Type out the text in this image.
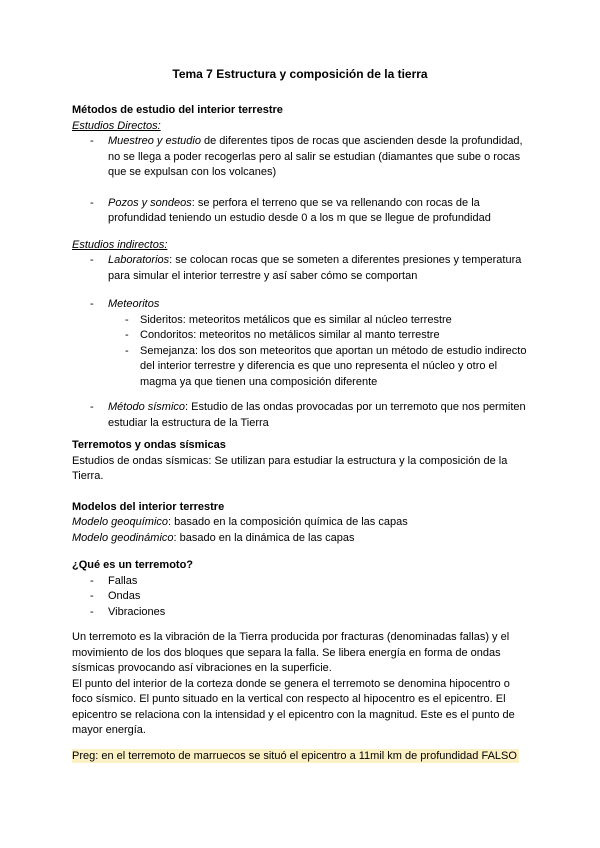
Tema 7 Estructura y composición de la tierra
Métodos de estudio del interior terrestre
Estudios Directos:
-	Muestreo y estudio de diferentes tipos de rocas que ascienden desde la profundidad, no se llega a poder recogerlas pero al salir se estudian (diamantes que sube o rocas que se expulsan con los volcanes)
-	Pozos y sondeos: se perfora el terreno que se va rellenando con rocas de la profundidad teniendo un estudio desde 0 a los m que se llegue de profundidad
Estudios indirectos:
-	Laboratorios: se colocan rocas que se someten a diferentes presiones y temperatura para simular el interior terrestre y así saber cómo se comportan
-	Meteoritos
-	Sideritos: meteoritos metálicos que es similar al núcleo terrestre
-	Condoritos: meteoritos no metálicos similar al manto terrestre
-	Semejanza: los dos son meteoritos que aportan un método de estudio indirecto del interior terrestre y diferencia es que uno representa el núcleo y otro el magma ya que tienen una composición diferente
-	Método sísmico: Estudio de las ondas provocadas por un terremoto que nos permiten estudiar la estructura de la Tierra
Terremotos y ondas sísmicas
Estudios de ondas sísmicas: Se utilizan para estudiar la estructura y la composición de la Tierra.
Modelos del interior terrestre
Modelo geoquímico: basado en la composición química de las capas
Modelo geodinámico: basado en la dinámica de las capas
¿Qué es un terremoto?
-	Fallas
-	Ondas
-	Vibraciones
Un terremoto es la vibración de la Tierra producida por fracturas (denominadas fallas) y el movimiento de los dos bloques que separa la falla. Se libera energía en forma de ondas sísmicas provocando así vibraciones en la superficie.
El punto del interior de la corteza donde se genera el terremoto se denomina hipocentro o foco sísmico. El punto situado en la vertical con respecto al hipocentro es el epicentro. El epicentro se relaciona con la intensidad y el epicentro con la magnitud. Este es el punto de mayor energía.
Preg: en el terremoto de marruecos se situó el epicentro a 11mil km de profundidad FALSO
